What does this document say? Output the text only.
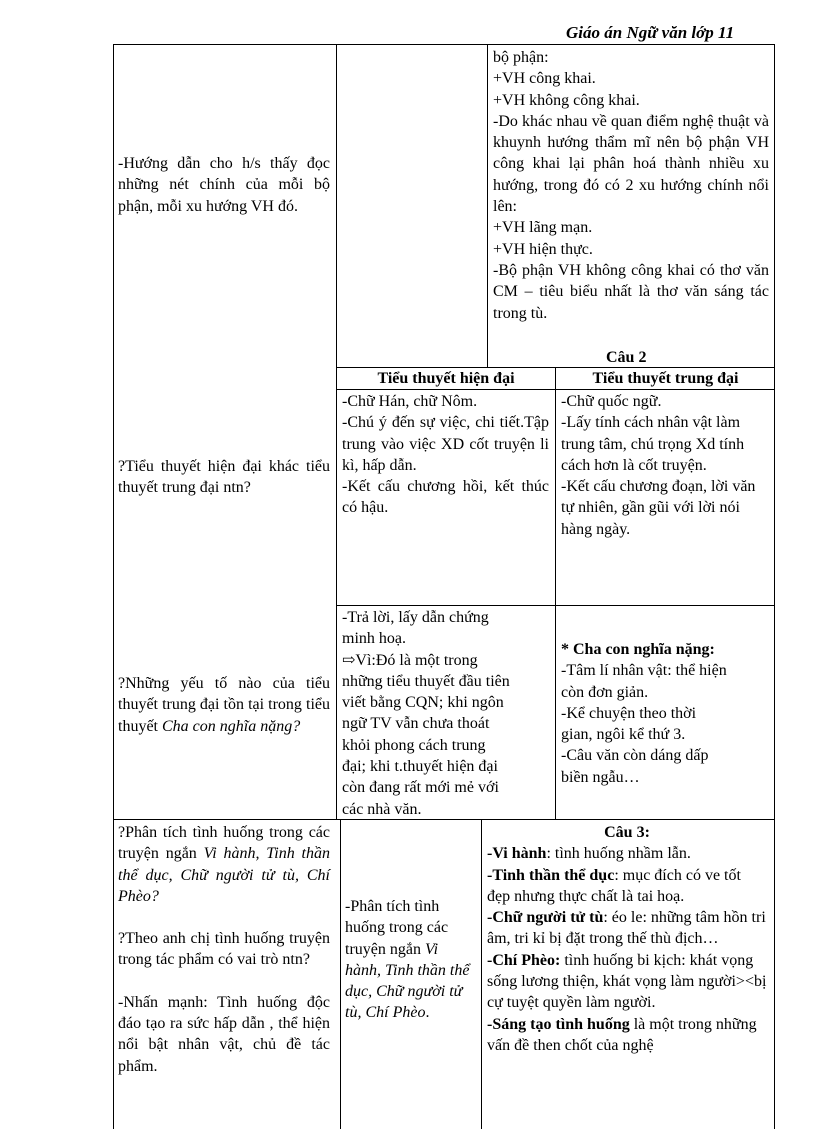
Giáo án Ngữ văn lớp 11

-Hướng dẫn cho h/s thấy đọc những nét chính của mỗi bộ phận, mỗi xu hướng VH đó.

bộ phận:

+VH công khai.

+VH không công khai.

-Do khác nhau về quan điểm nghệ thuật và khuynh hướng thẩm mĩ nên bộ phận VH công khai lại phân hoá thành nhiều xu hướng, trong đó có 2 xu hướng chính nổi lên:

+VH lãng mạn.

+VH hiện thực.

-Bộ phận VH không công khai có thơ văn CM – tiêu biểu nhất là thơ văn sáng tác trong tù.

Câu 2
Tiểu thuyết hiện đại	Tiểu thuyết trung đại

?Tiểu thuyết hiện đại khác tiểu thuyết trung đại ntn?

-Chữ Hán, chữ Nôm.

-Chú ý đến sự việc, chi tiết.Tập trung vào việc XD cốt truyện li kì, hấp dẫn.

-Kết cấu chương hồi, kết thúc có hậu.

-Chữ quốc ngữ.

-Lấy tính cách nhân vật làm trung tâm, chú trọng Xd tính cách hơn là cốt truyện.

-Kết cấu chương đoạn, lời văn tự nhiên, gần gũi với lời nói hàng ngày.

?Những yếu tố nào của tiểu thuyết trung đại tồn tại trong tiểu thuyết Cha con nghĩa nặng?

-Trả lời, lấy dẫn chứng

minh hoạ.

⇨Vì:Đó là một trong

những tiểu thuyết đầu tiên

viết bằng CQN; khi ngôn

ngữ TV vẫn chưa thoát

khỏi phong cách trung

đại; khi t.thuyết hiện đại

còn đang rất mới mẻ với

các nhà văn.

* Cha con nghĩa nặng:

-Tâm lí nhân vật: thể hiện

còn đơn giản.

-Kể chuyện theo thời

gian, ngôi kể thứ 3.

-Câu văn còn dáng dấp

biền ngẫu…

?Phân tích tình huống trong các truyện ngắn Vi hành, Tinh thần thể dục, Chữ người tử tù, Chí Phèo?

?Theo anh chị tình huống truyện trong tác phẩm có vai trò ntn?

-Nhấn mạnh: Tình huống độc đáo tạo ra sức hấp dẫn , thể hiện nổi bật nhân vật, chủ đề tác phẩm.

-Phân tích tình

huống trong các

truyện ngắn Vi hành, Tinh thần thể dục, Chữ người tử tù, Chí Phèo.

Câu 3:

-Vi hành: tình huống nhầm lẫn.

-Tinh thần thể dục: mục đích có ve tốt đẹp nhưng thực chất là tai hoạ.

-Chữ người tử tù: éo le: những tâm hồn tri âm, tri kỉ bị đặt trong thế thù địch…

-Chí Phèo: tình huống bi kịch: khát vọng sống lương thiện, khát vọng làm người><bị cự tuyệt quyền làm người.

-Sáng tạo tình huống là một trong những vấn đề then chốt của nghệ
